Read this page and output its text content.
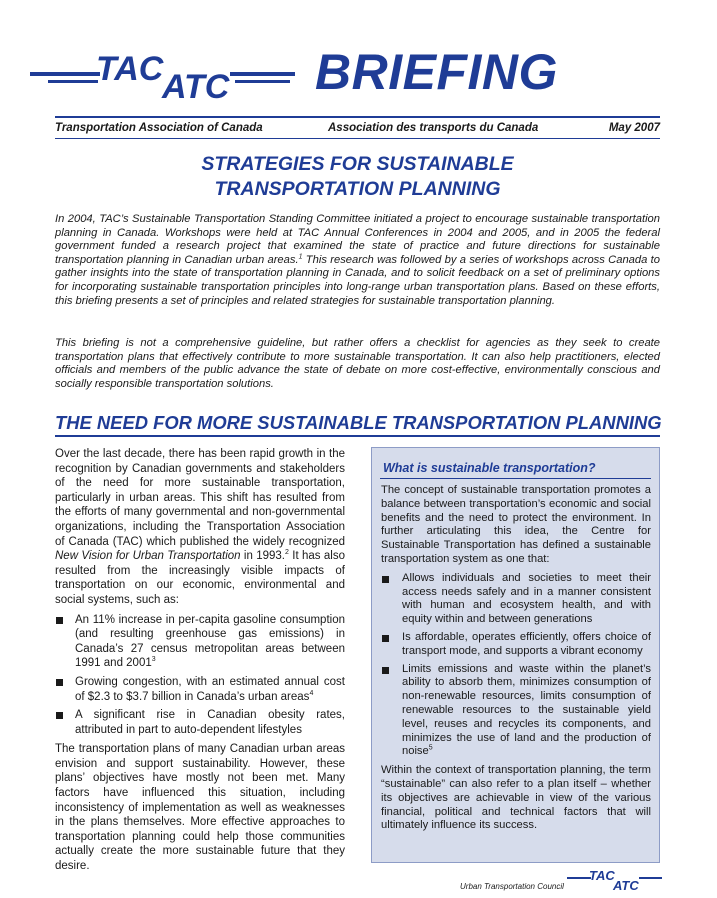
TAC
ATC BRIEFING
Transportation Association of Canada	Association des transports du Canada	May 2007
STRATEGIES FOR SUSTAINABLE
TRANSPORTATION PLANNING

In 2004, TAC’s Sustainable Transportation Standing Committee initiated a project to encourage sustainable transportation planning in Canada. Workshops were held at TAC Annual Conferences in 2004 and 2005, and in 2005 the federal government funded a research project that examined the state of practice and future directions for sustainable transportation planning in Canadian urban areas.$^1$ This research was followed by a series of workshops across Canada to gather insights into the state of transportation planning in Canada, and to solicit feedback on a set of preliminary options for incorporating sustainable transportation principles into long-range urban transportation plans. Based on these efforts, this briefing presents a set of principles and related strategies for sustainable transportation planning.

This briefing is not a comprehensive guideline, but rather offers a checklist for agencies as they seek to create transportation plans that effectively contribute to more sustainable transportation. It can also help practitioners, elected officials and members of the public advance the state of debate on more cost-effective, environmentally conscious and socially responsible transportation solutions.

THE NEED FOR MORE SUSTAINABLE TRANSPORTATION PLANNING

Over the last decade, there has been rapid growth in the recognition by Canadian governments and stakeholders of the need for more sustainable transportation, particularly in urban areas. This shift has resulted from the efforts of many governmental and non-governmental organizations, including the Transportation Association of Canada (TAC) which published the widely recognized New Vision for Urban Transportation in 1993.$^2$ It has also resulted from the increasingly visible impacts of transportation on our economic, environmental and social systems, such as:

An 11% increase in per-capita gasoline consumption (and resulting greenhouse gas emissions) in Canada’s 27 census metropolitan areas between 1991 and 2001$^3$
Growing congestion, with an estimated annual cost of $2.3 to $3.7 billion in Canada’s urban areas$^4$
A significant rise in Canadian obesity rates, attributed in part to auto-dependent lifestyles

The transportation plans of many Canadian urban areas envision and support sustainability. However, these plans’ objectives have mostly not been met. Many factors have influenced this situation, including inconsistency of implementation as well as weaknesses in the plans themselves. More effective approaches to transportation planning could help those communities actually create the more sustainable future that they desire.

What is sustainable transportation?

The concept of sustainable transportation promotes a balance between transportation’s economic and social benefits and the need to protect the environment. In further articulating this idea, the Centre for Sustainable Transportation has defined a sustainable transportation system as one that:

Allows individuals and societies to meet their access needs safely and in a manner consistent with human and ecosystem health, and with equity within and between generations
Is affordable, operates efficiently, offers choice of transport mode, and supports a vibrant economy
Limits emissions and waste within the planet’s ability to absorb them, minimizes consumption of non-renewable resources, limits consumption of renewable resources to the sustainable yield level, reuses and recycles its components, and minimizes the use of land and the production of noise$^5$

Within the context of transportation planning, the term “sustainable” can also refer to a plan itself – whether its objectives are achievable in view of the various financial, political and technical factors that will ultimately influence its success.

Urban Transportation Council
TAC
ATC
